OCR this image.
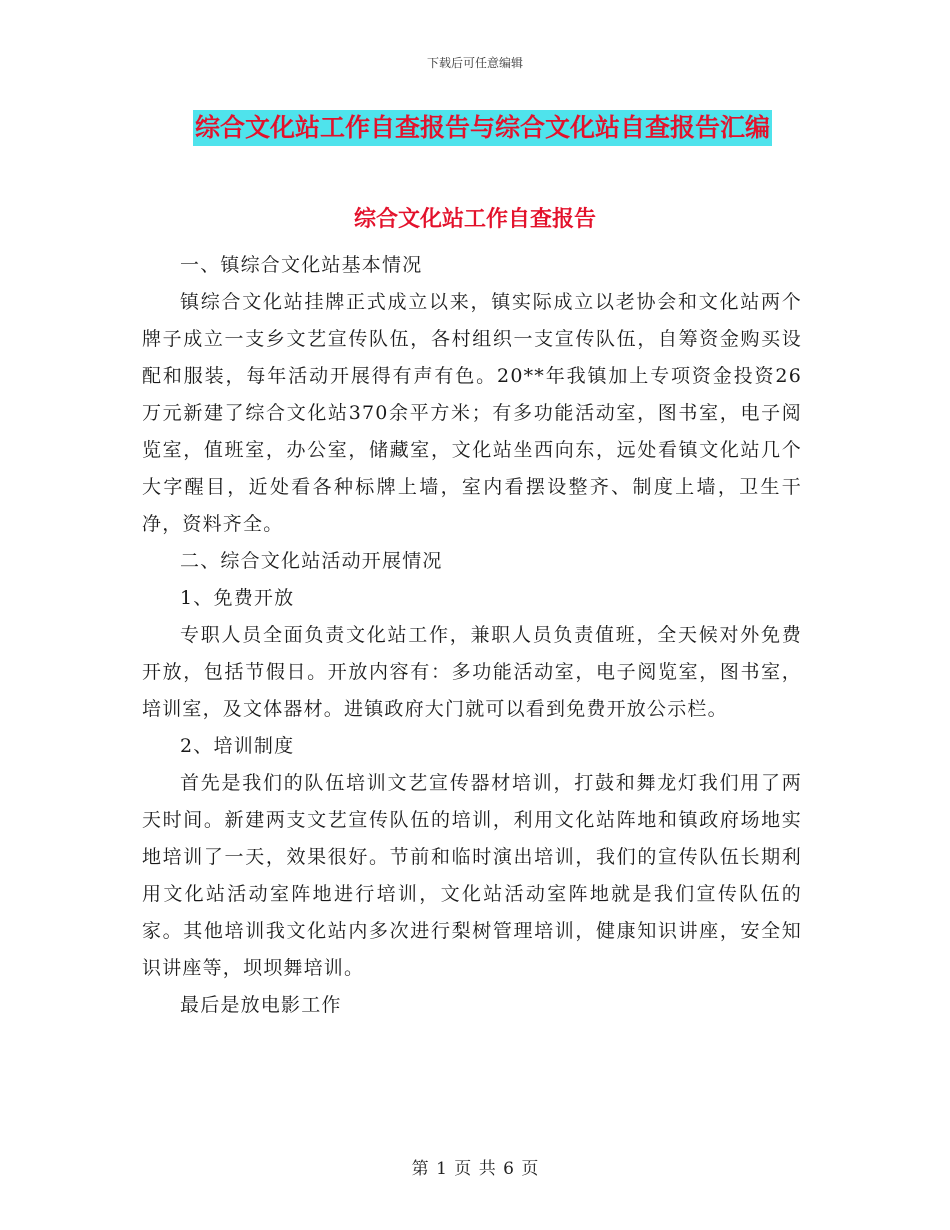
下载后可任意编辑
综合文化站工作自查报告与综合文化站自查报告汇编
综合文化站工作自查报告

一、镇综合文化站基本情况

镇综合文化站挂牌正式成立以来，镇实际成立以老协会和文化站两个牌子成立一支乡文艺宣传队伍，各村组织一支宣传队伍，自筹资金购买设配和服装，每年活动开展得有声有色。20**年我镇加上专项资金投资26万元新建了综合文化站370余平方米；有多功能活动室，图书室，电子阅览室，值班室，办公室，储藏室，文化站坐西向东，远处看镇文化站几个大字醒目，近处看各种标牌上墙，室内看摆设整齐、制度上墙，卫生干净，资料齐全。

二、综合文化站活动开展情况

1、免费开放

专职人员全面负责文化站工作，兼职人员负责值班，全天候对外免费开放，包括节假日。开放内容有：多功能活动室，电子阅览室，图书室，培训室，及文体器材。进镇政府大门就可以看到免费开放公示栏。

2、培训制度

首先是我们的队伍培训文艺宣传器材培训，打鼓和舞龙灯我们用了两天时间。新建两支文艺宣传队伍的培训，利用文化站阵地和镇政府场地实地培训了一天，效果很好。节前和临时演出培训，我们的宣传队伍长期利用文化站活动室阵地进行培训，文化站活动室阵地就是我们宣传队伍的家。其他培训我文化站内多次进行梨树管理培训，健康知识讲座，安全知识讲座等，坝坝舞培训。

最后是放电影工作

第 1 页 共 6 页
